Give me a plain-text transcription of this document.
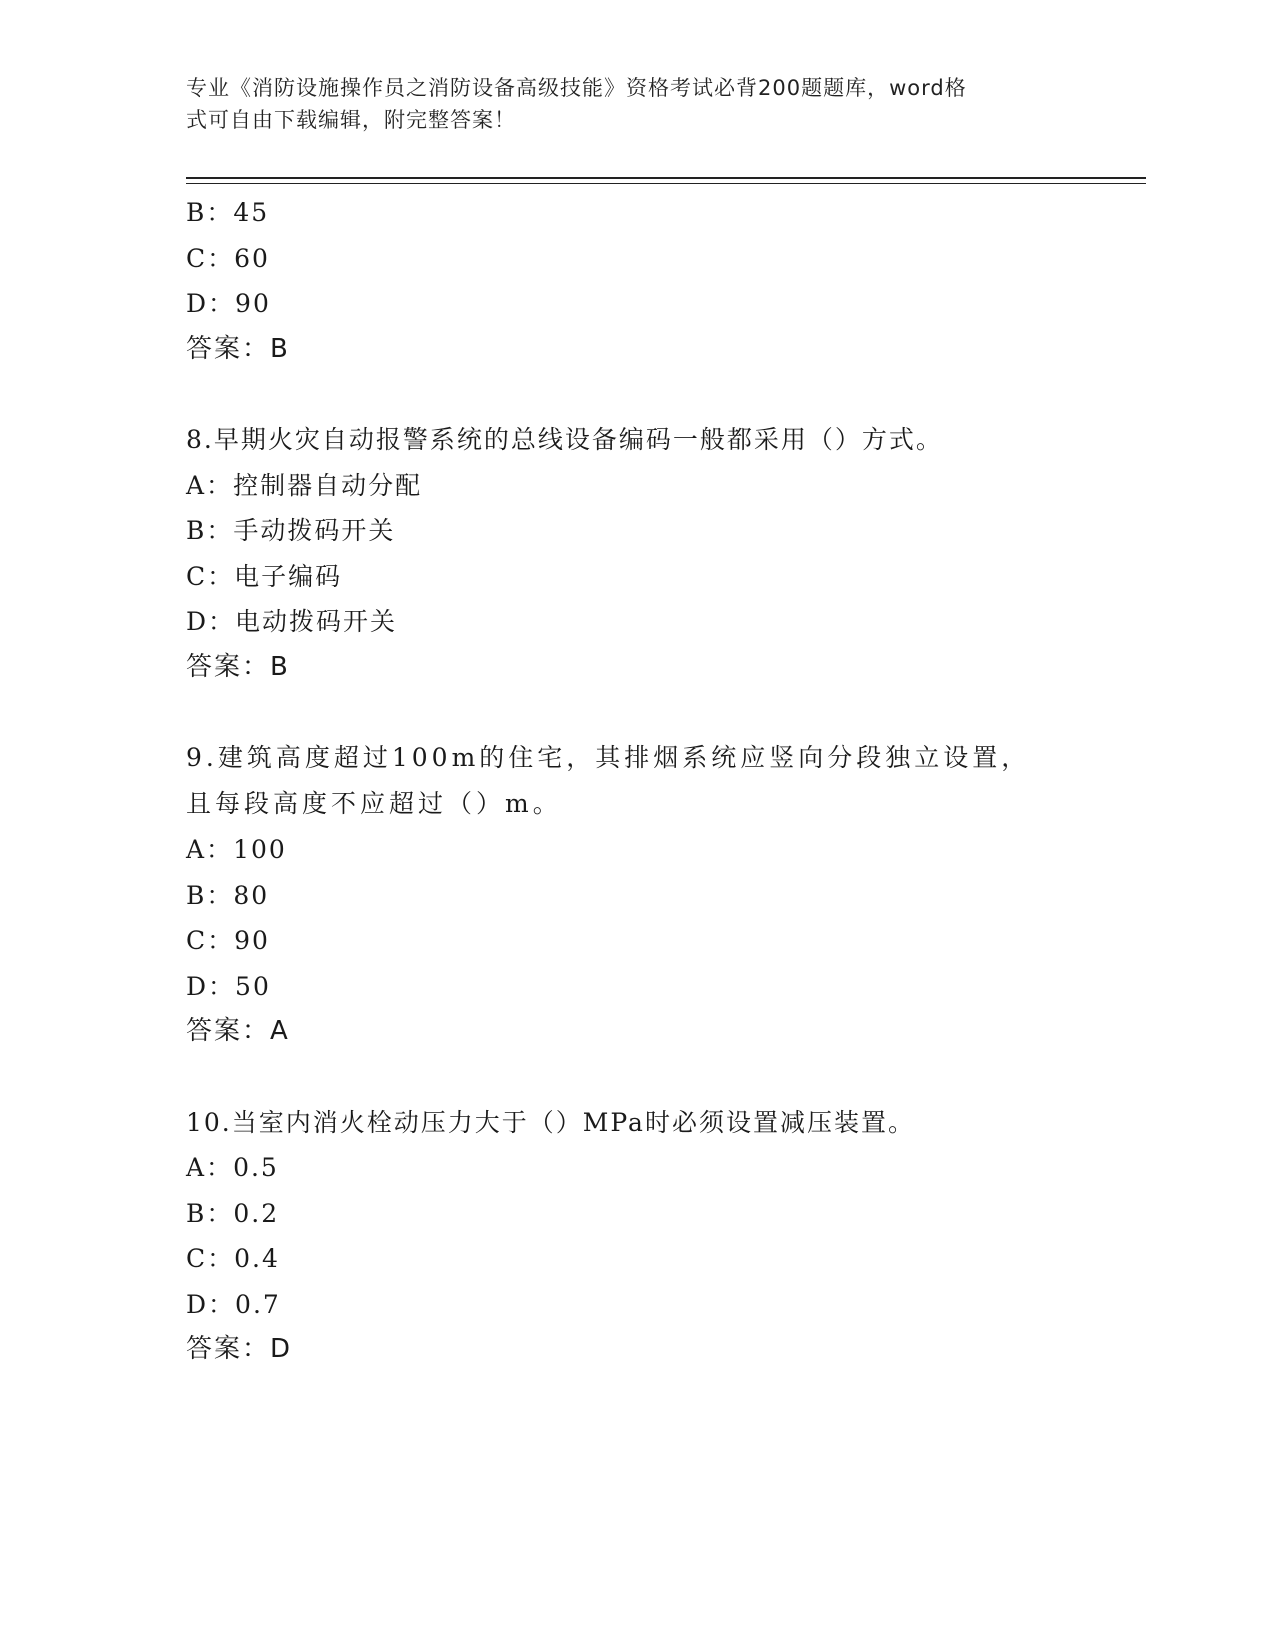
专业《消防设施操作员之消防设备高级技能》资格考试必背200题题库，word格
式可自由下载编辑，附完整答案！
B：45
C：60
D：90
答案：B
8.早期火灾自动报警系统的总线设备编码一般都采用（）方式。
A：控制器自动分配
B：手动拨码开关
C：电子编码
D：电动拨码开关
答案：B
9.建筑高度超过100m的住宅，其排烟系统应竖向分段独立设置，且每段高度不应超过（）m。
A：100
B：80
C：90
D：50
答案：A
10.当室内消火栓动压力大于（）MPa时必须设置减压装置。
A：0.5
B：0.2
C：0.4
D：0.7
答案：D
